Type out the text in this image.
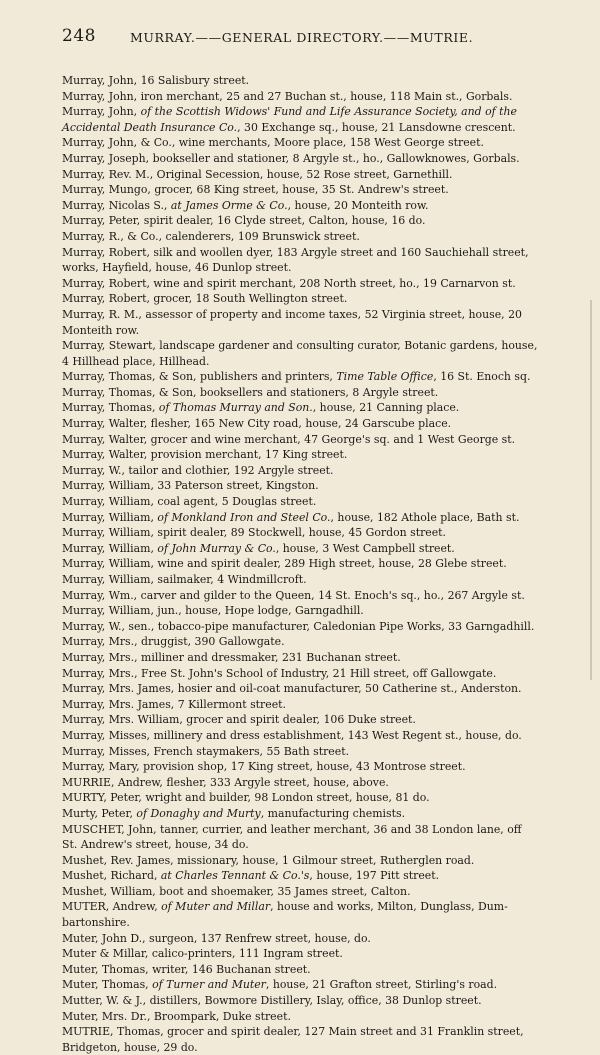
248	MURRAY.——GENERAL DIRECTORY.——MUTRIE.
Murray, John, 16 Salisbury street.
Murray, John, iron merchant, 25 and 27 Buchan st., house, 118 Main st., Gorbals.
Murray, John, of the Scottish Widows' Fund and Life Assurance Society, and of the
Accidental Death Insurance Co., 30 Exchange sq., house, 21 Lansdowne crescent.
Murray, John, & Co., wine merchants, Moore place, 158 West George street.
Murray, Joseph, bookseller and stationer, 8 Argyle st., ho., Gallowknowes, Gorbals.
Murray, Rev. M., Original Secession, house, 52 Rose street, Garnethill.
Murray, Mungo, grocer, 68 King street, house, 35 St. Andrew's street.
Murray, Nicolas S., at James Orme & Co., house, 20 Monteith row.
Murray, Peter, spirit dealer, 16 Clyde street, Calton, house, 16 do.
Murray, R., & Co., calenderers, 109 Brunswick street.
Murray, Robert, silk and woollen dyer, 183 Argyle street and 160 Sauchiehall street,
works, Hayfield, house, 46 Dunlop street.
Murray, Robert, wine and spirit merchant, 208 North street, ho., 19 Carnarvon st.
Murray, Robert, grocer, 18 South Wellington street.
Murray, R. M., assessor of property and income taxes, 52 Virginia street, house, 20
Monteith row.
Murray, Stewart, landscape gardener and consulting curator, Botanic gardens, house,
4 Hillhead place, Hillhead.
Murray, Thomas, & Son, publishers and printers, Time Table Office, 16 St. Enoch sq.
Murray, Thomas, & Son, booksellers and stationers, 8 Argyle street.
Murray, Thomas, of Thomas Murray and Son., house, 21 Canning place.
Murray, Walter, flesher, 165 New City road, house, 24 Garscube place.
Murray, Walter, grocer and wine merchant, 47 George's sq. and 1 West George st.
Murray, Walter, provision merchant, 17 King street.
Murray, W., tailor and clothier, 192 Argyle street.
Murray, William, 33 Paterson street, Kingston.
Murray, William, coal agent, 5 Douglas street.
Murray, William, of Monkland Iron and Steel Co., house, 182 Athole place, Bath st.
Murray, William, spirit dealer, 89 Stockwell, house, 45 Gordon street.
Murray, William, of John Murray & Co., house, 3 West Campbell street.
Murray, William, wine and spirit dealer, 289 High street, house, 28 Glebe street.
Murray, William, sailmaker, 4 Windmillcroft.
Murray, Wm., carver and gilder to the Queen, 14 St. Enoch's sq., ho., 267 Argyle st.
Murray, William, jun., house, Hope lodge, Garngadhill.
Murray, W., sen., tobacco-pipe manufacturer, Caledonian Pipe Works, 33 Garngadhill.
Murray, Mrs., druggist, 390 Gallowgate.
Murray, Mrs., milliner and dressmaker, 231 Buchanan street.
Murray, Mrs., Free St. John's School of Industry, 21 Hill street, off Gallowgate.
Murray, Mrs. James, hosier and oil-coat manufacturer, 50 Catherine st., Anderston.
Murray, Mrs. James, 7 Killermont street.
Murray, Mrs. William, grocer and spirit dealer, 106 Duke street.
Murray, Misses, millinery and dress establishment, 143 West Regent st., house, do.
Murray, Misses, French staymakers, 55 Bath street.
Murray, Mary, provision shop, 17 King street, house, 43 Montrose street.
MURRIE, Andrew, flesher, 333 Argyle street, house, above.
MURTY, Peter, wright and builder, 98 London street, house, 81 do.
Murty, Peter, of Donaghy and Murty, manufacturing chemists.
MUSCHET, John, tanner, currier, and leather merchant, 36 and 38 London lane, off
St. Andrew's street, house, 34 do.
Mushet, Rev. James, missionary, house, 1 Gilmour street, Rutherglen road.
Mushet, Richard, at Charles Tennant & Co.'s, house, 197 Pitt street.
Mushet, William, boot and shoemaker, 35 James street, Calton.
MUTER, Andrew, of Muter and Millar, house and works, Milton, Dunglass, Dum-
bartonshire.
Muter, John D., surgeon, 137 Renfrew street, house, do.
Muter & Millar, calico-printers, 111 Ingram street.
Muter, Thomas, writer, 146 Buchanan street.
Muter, Thomas, of Turner and Muter, house, 21 Grafton street, Stirling's road.
Mutter, W. & J., distillers, Bowmore Distillery, Islay, office, 38 Dunlop street.
Muter, Mrs. Dr., Broompark, Duke street.
MUTRIE, Thomas, grocer and spirit dealer, 127 Main street and 31 Franklin street,
Bridgeton, house, 29 do.
